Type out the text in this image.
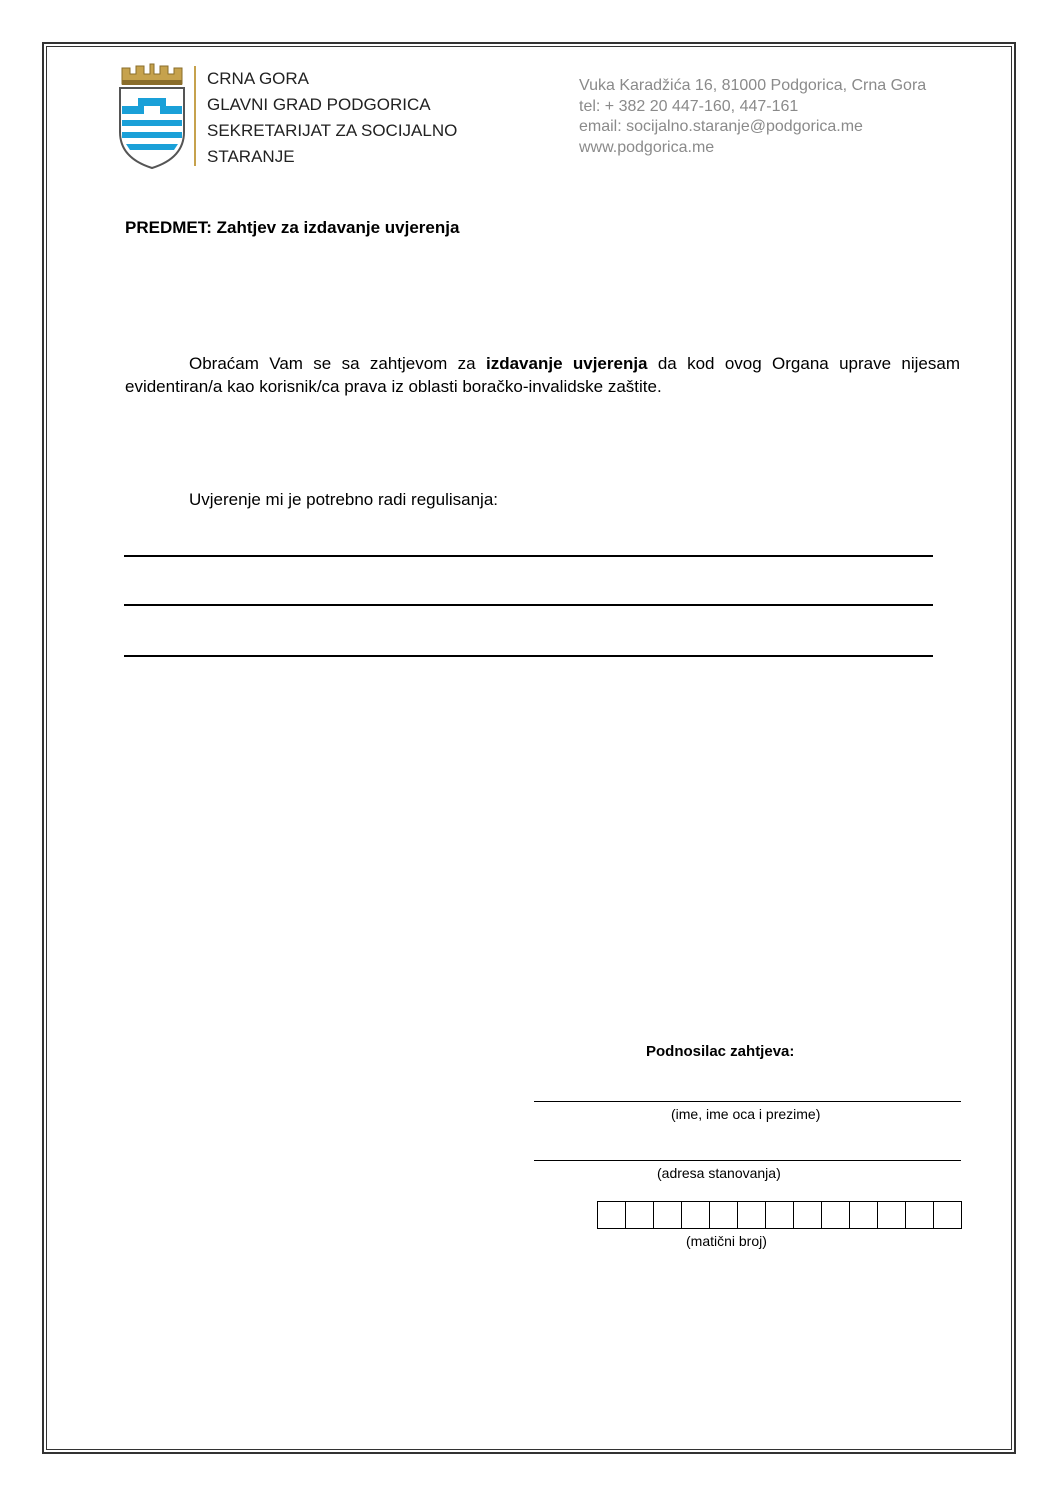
CRNA GORA
GLAVNI GRAD PODGORICA
SEKRETARIJAT ZA SOCIJALNO
STARANJE
Vuka Karadžića 16, 81000 Podgorica, Crna Gora
tel: + 382 20 447-160, 447-161
email: socijalno.staranje@podgorica.me
www.podgorica.me
PREDMET: Zahtjev za izdavanje uvjerenja
Obraćam Vam se sa zahtjevom za izdavanje uvjerenja da kod ovog Organa uprave nijesam evidentiran/a kao korisnik/ca prava iz oblasti boračko-invalidske zaštite.
Uvjerenje mi je potrebno radi regulisanja:
Podnosilac zahtjeva:
(ime, ime oca i prezime)
(adresa stanovanja)
(matični broj)
